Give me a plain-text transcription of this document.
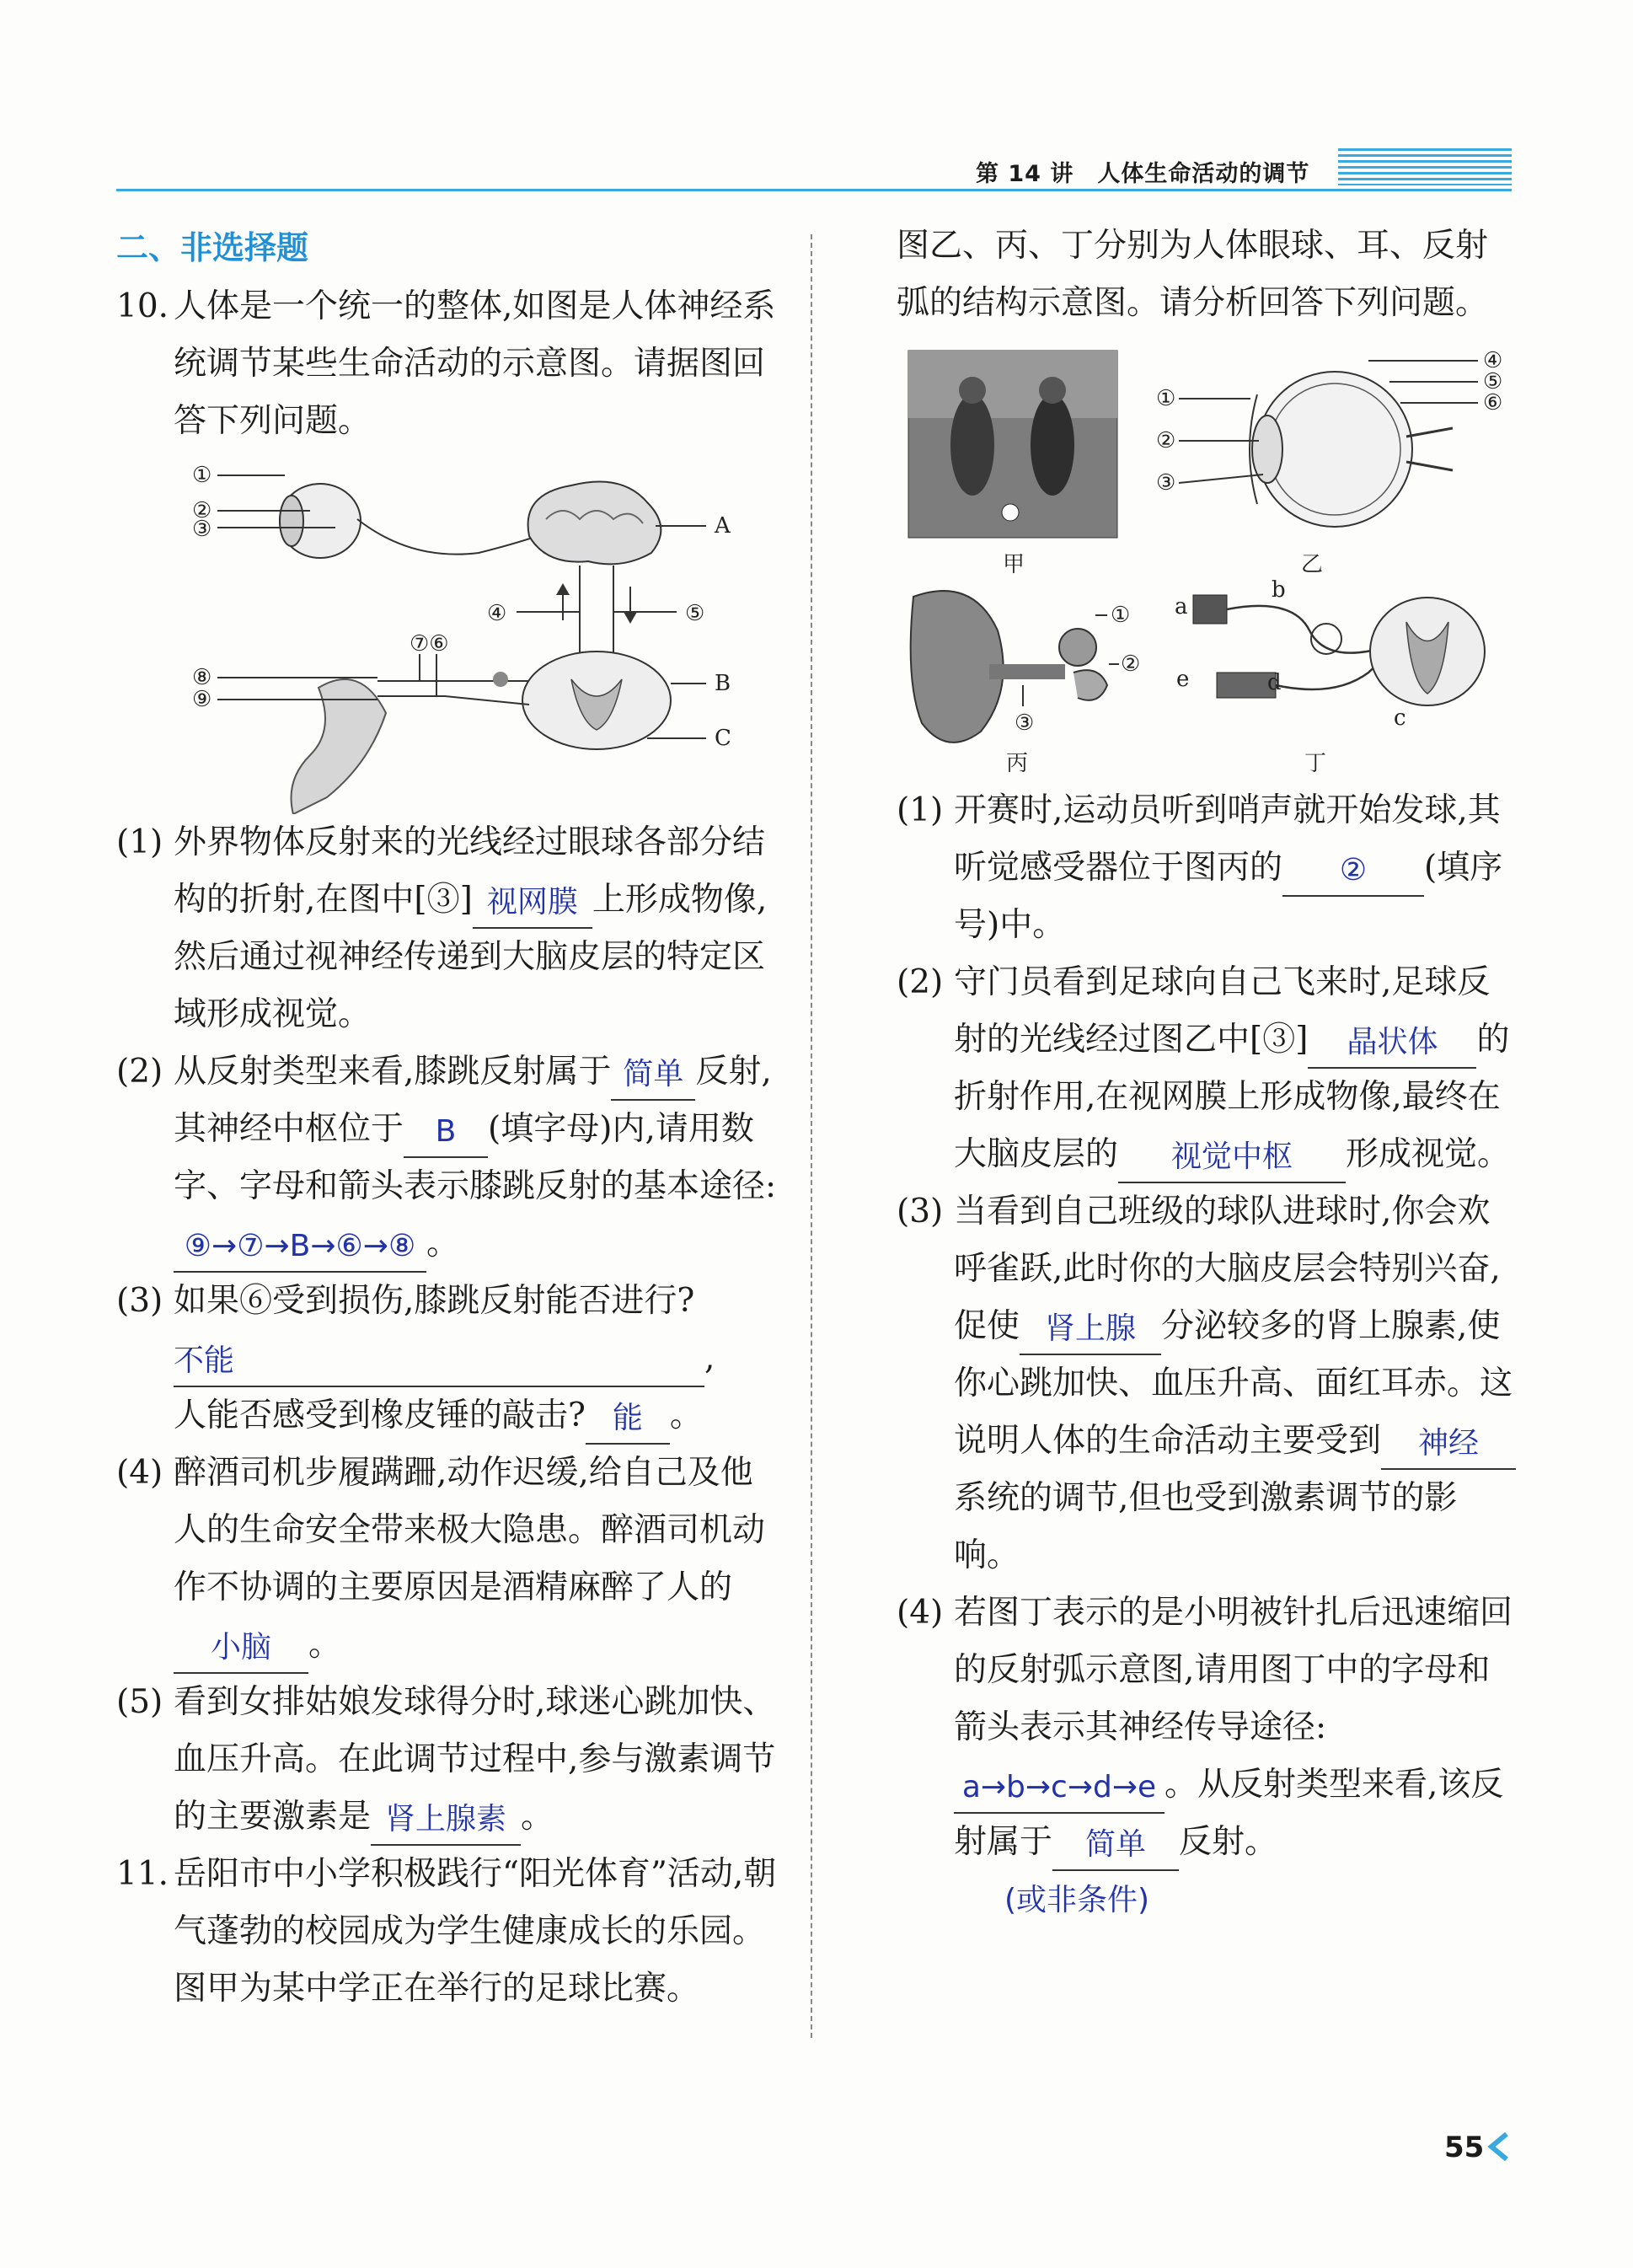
第 14 讲　人体生命活动的调节
二、非选择题
10. 人体是一个统一的整体,如图是人体神经系统调节某些生命活动的示意图。请据图回答下列问题。
①
②
③	A
④	⑤
B
C
⑦⑥
⑧
⑨
(1) 外界物体反射来的光线经过眼球各部分结构的折射,在图中[③] 视网膜 上形成物像,然后通过视神经传递到大脑皮层的特定区域形成视觉。
(2) 从反射类型来看,膝跳反射属于 简单 反射,其神经中枢位于 B (填字母)内,请用数字、字母和箭头表示膝跳反射的基本途径:⑨→⑦→B→⑥→⑧ 。
(3) 如果⑥受到损伤,膝跳反射能否进行?
不能	,
人能否感受到橡皮锤的敲击? 能 。
(4) 醉酒司机步履蹒跚,动作迟缓,给自己及他人的生命安全带来极大隐患。醉酒司机动作不协调的主要原因是酒精麻醉了人的小脑 。
(5) 看到女排姑娘发球得分时,球迷心跳加快、血压升高。在此调节过程中,参与激素调节的主要激素是 肾上腺素 。
11. 岳阳市中小学积极践行“阳光体育”活动,朝气蓬勃的校园成为学生健康成长的乐园。图甲为某中学正在举行的足球比赛。
图乙、丙、丁分别为人体眼球、耳、反射弧的结构示意图。请分析回答下列问题。
甲
①
②
③
④
⑤
⑥
乙
①
②
③
丙
a
b
c
d
e
丁
(1) 开赛时,运动员听到哨声就开始发球,其听觉感受器位于图丙的 ② (填序号)中。
(2) 守门员看到足球向自己飞来时,足球反射的光线经过图乙中[③] 晶状体 的折射作用,在视网膜上形成物像,最终在大脑皮层的 视觉中枢 形成视觉。
(3) 当看到自己班级的球队进球时,你会欢呼雀跃,此时你的大脑皮层会特别兴奋,促使 肾上腺 分泌较多的肾上腺素,使你心跳加快、血压升高、面红耳赤。这说明人体的生命活动主要受到 神经系统的调节,但也受到激素调节的影响。
(4) 若图丁表示的是小明被针扎后迅速缩回的反射弧示意图,请用图丁中的字母和箭头表示其神经传导途径:a→b→c→d→e 。从反射类型来看,该反射属于 简单 反射。
(或非条件)
55
